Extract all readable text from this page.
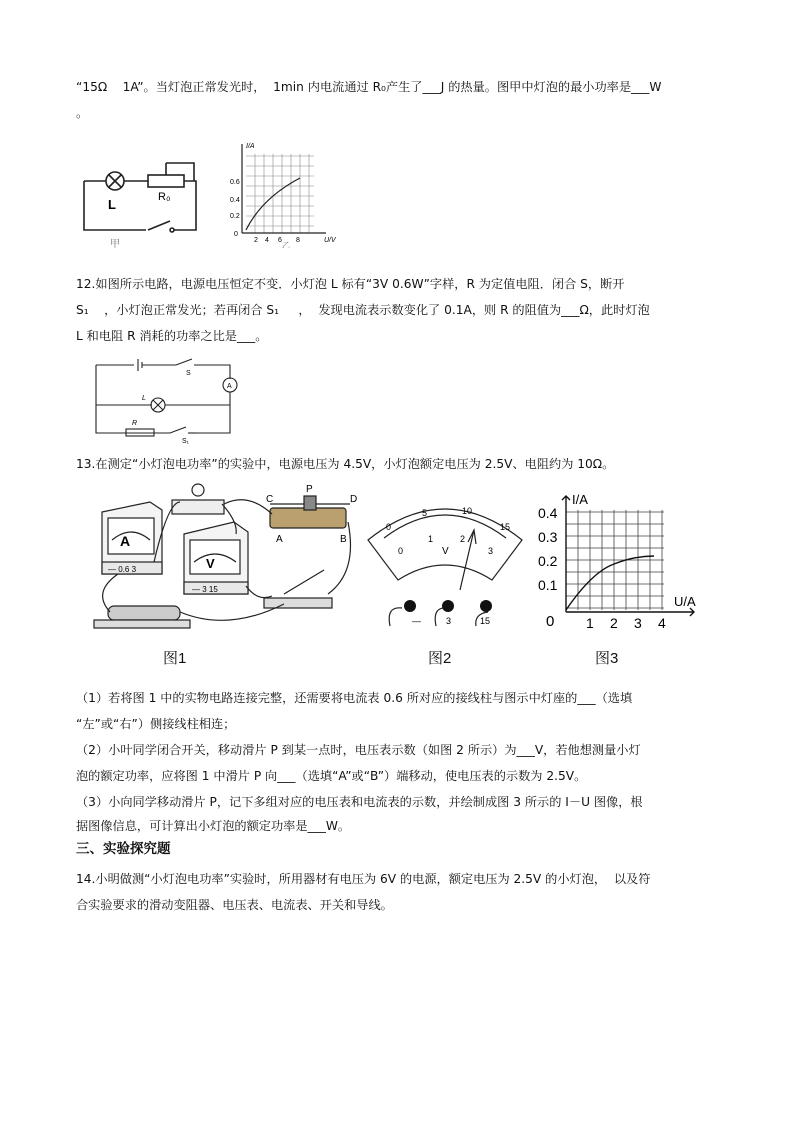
“15Ω    1A”。当灯泡正常发光时，  1min 内电流通过 R₀产生了___J 的热量。图甲中灯泡的最小功率是___W
。
L	R₀
甲
I/A
0.6
0.4
0.2
0
2 4 6 8	U/V
乙
12.如图所示电路，电源电压恒定不变．小灯泡 L 标有“3V 0.6W”字样，R 为定值电阻．闭合 S，断开
S₁    ，小灯泡正常发光；若再闭合 S₁     ，  发现电流表示数变化了 0.1A，则 R 的阻值为___Ω，此时灯泡
L 和电阻 R 消耗的功率之比是___。
S
A
L
R
S₁
13.在测定“小灯泡电功率”的实验中，电源电压为 4.5V，小灯泡额定电压为 2.5V、电阻约为 10Ω。
A
V
— 0.6 3
— 3 15
C
P
D
A	B
0
5	10
15
0
1	2
3
V
—	3	15
I/A
0.4
0.3
0.2
0.1
0 1 2 3 4
U/A
图1	图2	图3
（1）若将图 1 中的实物电路连接完整，还需要将电流表 0.6 所对应的接线柱与图示中灯座的___（选填
“左”或“右”）侧接线柱相连；
（2）小叶同学闭合开关，移动滑片 P 到某一点时，电压表示数（如图 2 所示）为___V，若他想测量小灯
泡的额定功率，应将图 1 中滑片 P 向___（选填“A”或“B”）端移动，使电压表的示数为 2.5V。
（3）小向同学移动滑片 P，记下多组对应的电压表和电流表的示数，并绘制成图 3 所示的 I－U 图像，根
据图像信息，可计算出小灯泡的额定功率是___W。
三、实验探究题
14.小明做测“小灯泡电功率”实验时，所用器材有电压为 6V 的电源，额定电压为 2.5V 的小灯泡，  以及符
合实验要求的滑动变阻器、电压表、电流表、开关和导线。
